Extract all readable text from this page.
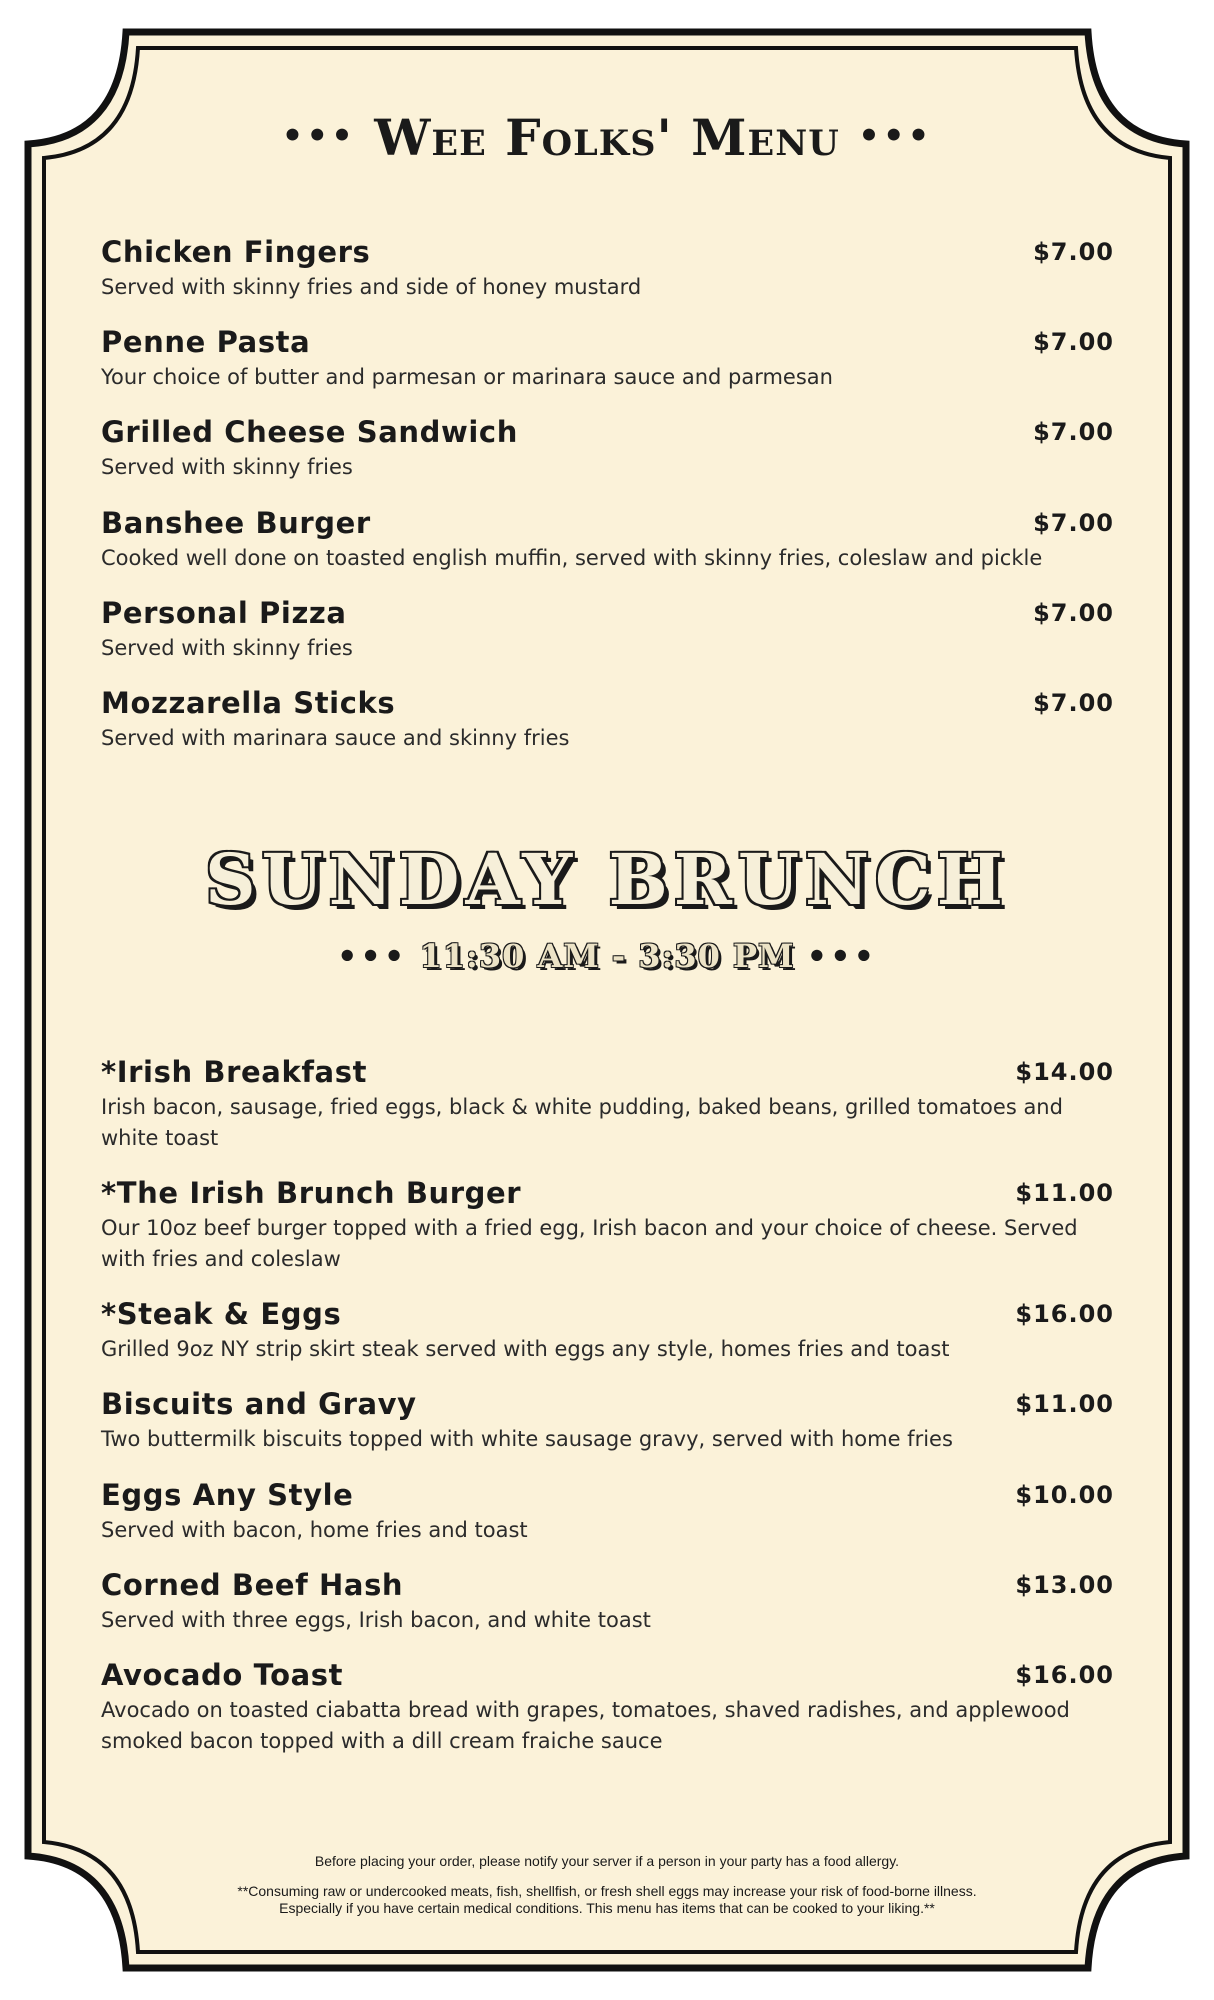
••• Wee Folks' Menu •••
Chicken Fingers
Served with skinny fries and side of honey mustard
$7.00
Penne Pasta
Your choice of butter and parmesan or marinara sauce and parmesan
$7.00
Grilled Cheese Sandwich
Served with skinny fries
$7.00
Banshee Burger
Cooked well done on toasted english muffin, served with skinny fries, coleslaw and pickle
$7.00
Personal Pizza
Served with skinny fries
$7.00
Mozzarella Sticks
Served with marinara sauce and skinny fries
$7.00
SUNDAY BRUNCH
••• 11:30 AM - 3:30 PM •••
*Irish Breakfast
Irish bacon, sausage, fried eggs, black & white pudding, baked beans, grilled tomatoes and
white toast
$14.00
*The Irish Brunch Burger
Our 10oz beef burger topped with a fried egg, Irish bacon and your choice of cheese. Served
with fries and coleslaw
$11.00
*Steak & Eggs
Grilled 9oz NY strip skirt steak served with eggs any style, homes fries and toast
$16.00
Biscuits and Gravy
Two buttermilk biscuits topped with white sausage gravy, served with home fries
$11.00
Eggs Any Style
Served with bacon, home fries and toast
$10.00
Corned Beef Hash
Served with three eggs, Irish bacon, and white toast
$13.00
Avocado Toast
Avocado on toasted ciabatta bread with grapes, tomatoes, shaved radishes, and applewood
smoked bacon topped with a dill cream fraiche sauce
$16.00
Before placing your order, please notify your server if a person in your party has a food allergy.
**Consuming raw or undercooked meats, fish, shellfish, or fresh shell eggs may increase your risk of food-borne illness.
Especially if you have certain medical conditions. This menu has items that can be cooked to your liking.**
